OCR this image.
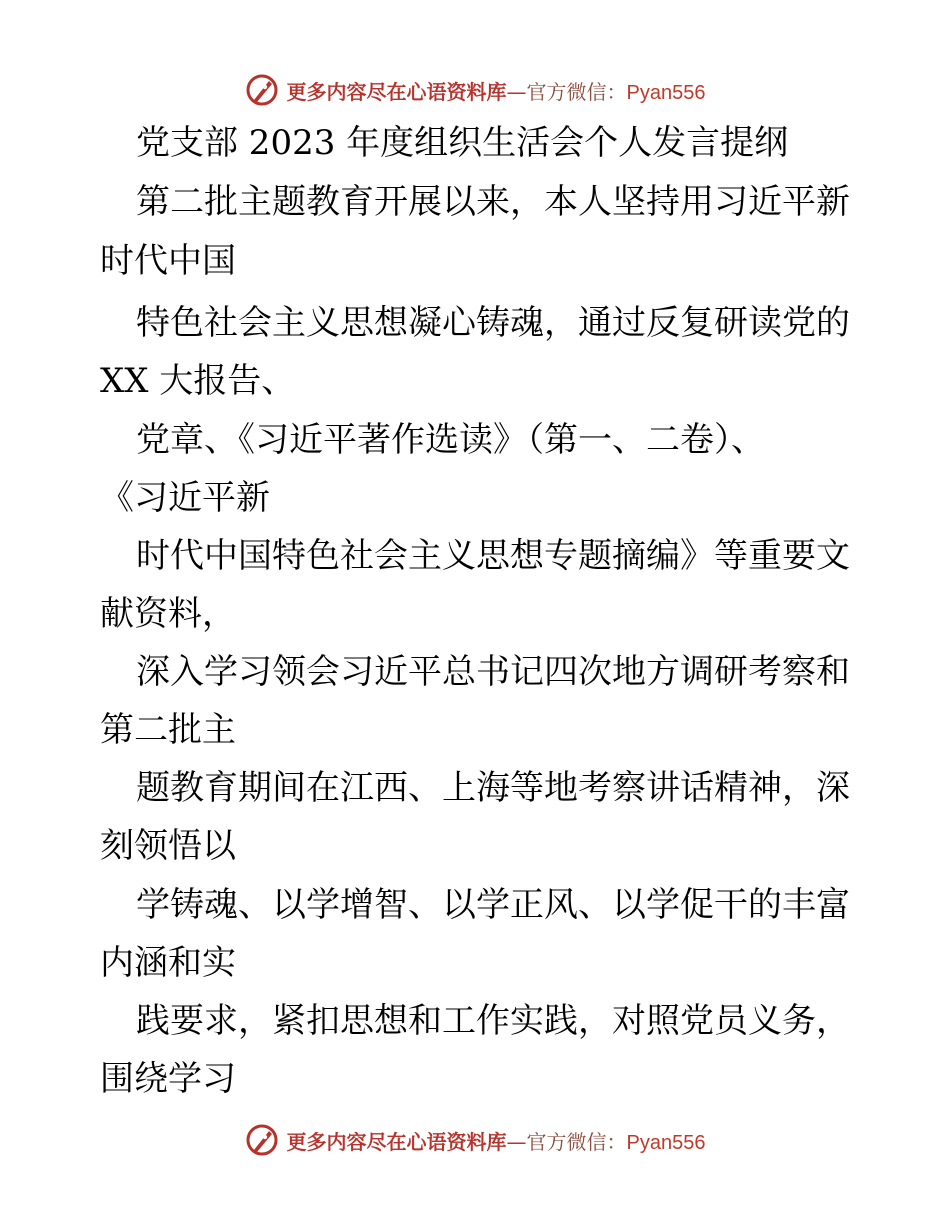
更多内容尽在心语资料库—官方微信：Pyan556
党支部 2023 年度组织生活会个人发言提纲
第二批主题教育开展以来，本人坚持用习近平新
时代中国
特色社会主义思想凝心铸魂，通过反复研读党的
XX 大报告、
党章、《习近平著作选读》（第一、二卷）、
《习近平新
时代中国特色社会主义思想专题摘编》等重要文
献资料，
深入学习领会习近平总书记四次地方调研考察和
第二批主
题教育期间在江西、上海等地考察讲话精神，深
刻领悟以
学铸魂、以学增智、以学正风、以学促干的丰富
内涵和实
践要求，紧扣思想和工作实践，对照党员义务，
围绕学习
更多内容尽在心语资料库—官方微信：Pyan556
